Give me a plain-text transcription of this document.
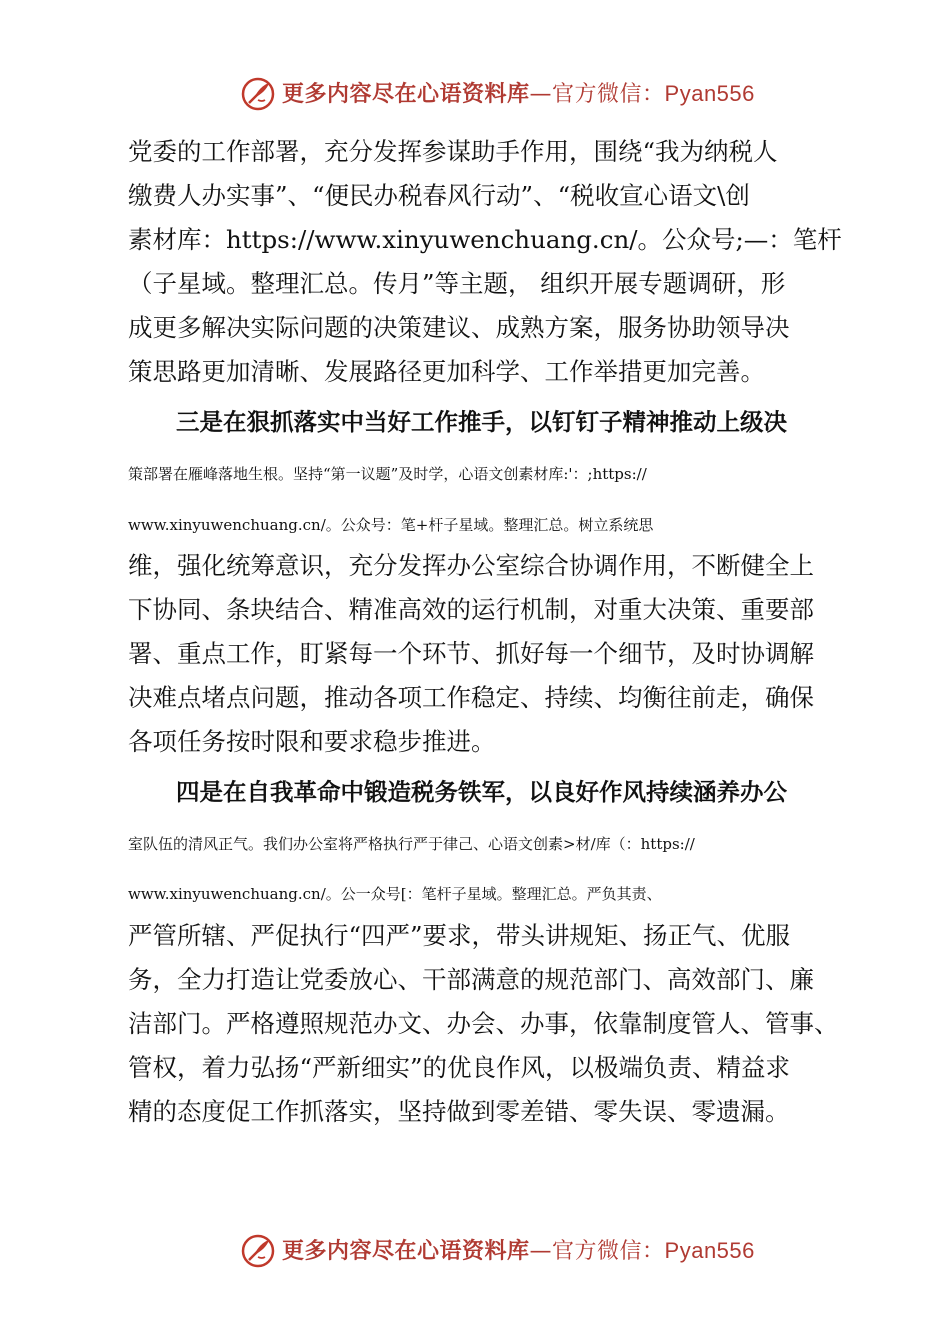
更多内容尽在心语资料库—官方微信：Pyan556
党委的工作部署，充分发挥参谋助手作用，围绕“我为纳税人
缴费人办实事”、“便民办税春风行动”、“税收宣心语文\创
素材库：https://www.xinyuwenchuang.cn/。公众号;—：笔杆
（子星域。整理汇总。传月”等主题， 组织开展专题调研，形
成更多解决实际问题的决策建议、成熟方案，服务协助领导决
策思路更加清晰、发展路径更加科学、工作举措更加完善。
三是在狠抓落实中当好工作推手，以钉钉子精神推动上级决
策部署在雁峰落地生根。坚持“第一议题”及时学，心语文创素材库:'：;https://
www.xinyuwenchuang.cn/。公众号：笔+杆子星域。整理汇总。树立系统思
维，强化统筹意识，充分发挥办公室综合协调作用，不断健全上
下协同、条块结合、精准高效的运行机制，对重大决策、重要部
署、重点工作，盯紧每一个环节、抓好每一个细节，及时协调解
决难点堵点问题，推动各项工作稳定、持续、均衡往前走，确保
各项任务按时限和要求稳步推进。
四是在自我革命中锻造税务铁军，以良好作风持续涵养办公
室队伍的清风正气。我们办公室将严格执行严于律己、心语文创素>材/库（：https://
www.xinyuwenchuang.cn/。公一众号[：笔杆子星域。整理汇总。严负其责、
严管所辖、严促执行“四严”要求，带头讲规矩、扬正气、优服
务，全力打造让党委放心、干部满意的规范部门、高效部门、廉
洁部门。严格遵照规范办文、办会、办事，依靠制度管人、管事、
管权，着力弘扬“严新细实”的优良作风，以极端负责、精益求
精的态度促工作抓落实，坚持做到零差错、零失误、零遗漏。
更多内容尽在心语资料库—官方微信：Pyan556
